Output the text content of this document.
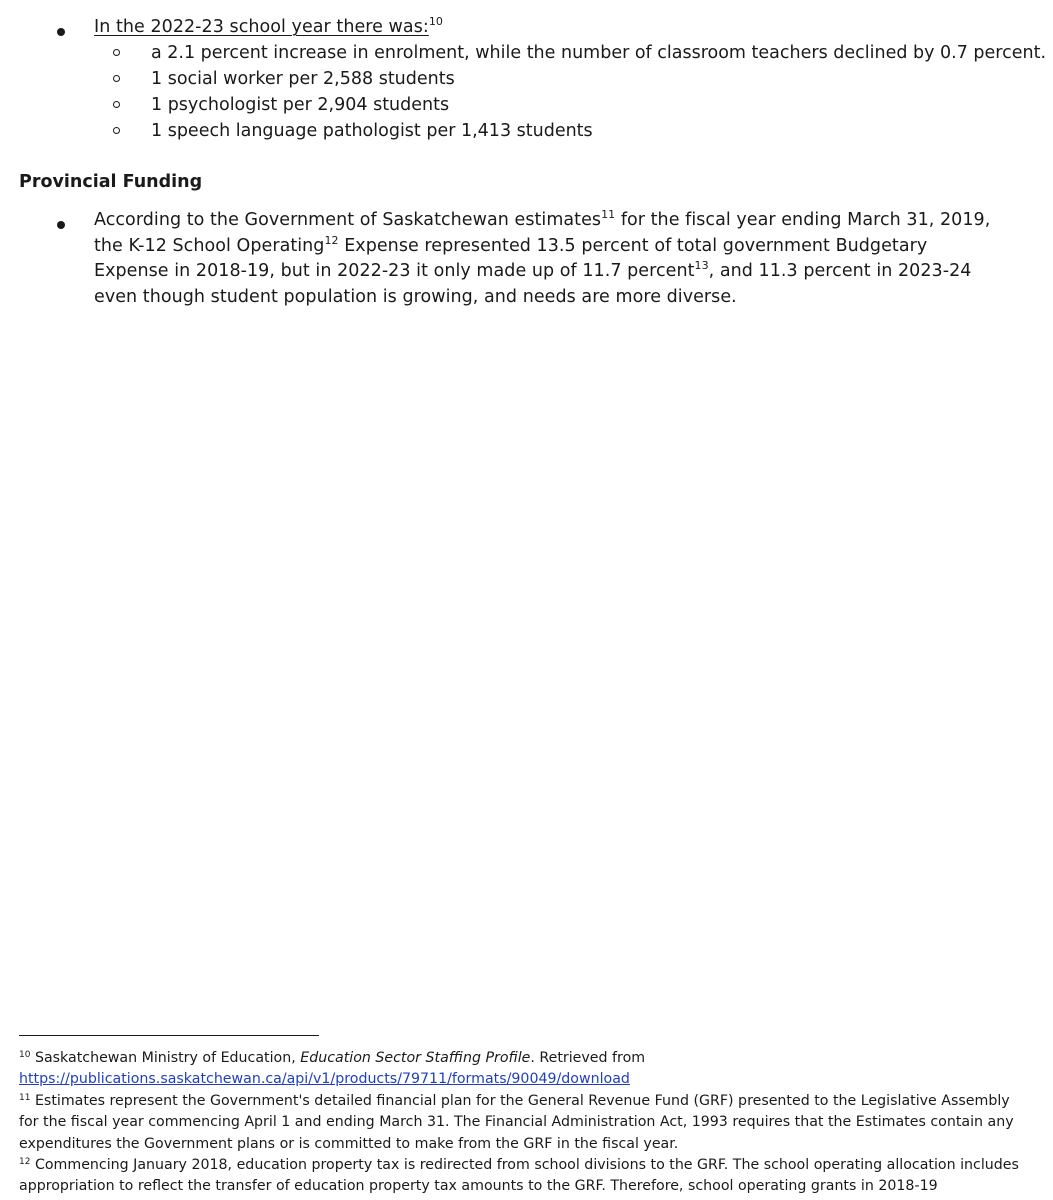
In the 2022-23 school year there was:$^{10}$
a 2.1 percent increase in enrolment, while the number of classroom teachers declined by 0.7 percent.
1 social worker per 2,588 students
1 psychologist per 2,904 students
1 speech language pathologist per 1,413 students
Provincial Funding
According to the Government of Saskatchewan estimates$^{11}$ for the fiscal year ending March 31, 2019, the K-12 School Operating$^{12}$ Expense represented 13.5 percent of total government Budgetary Expense in 2018-19, but in 2022-23 it only made up of 11.7 percent$^{13}$, and 11.3 percent in 2023-24 even though student population is growing, and needs are more diverse.
$^{10}$ Saskatchewan Ministry of Education, Education Sector Staffing Profile. Retrieved from
https://publications.saskatchewan.ca/api/v1/products/79711/formats/90049/download
$^{11}$ Estimates represent the Government's detailed financial plan for the General Revenue Fund (GRF) presented to the Legislative Assembly for the fiscal year commencing April 1 and ending March 31. The Financial Administration Act, 1993 requires that the Estimates contain any expenditures the Government plans or is committed to make from the GRF in the fiscal year.
$^{12}$ Commencing January 2018, education property tax is redirected from school divisions to the GRF. The school operating allocation includes appropriation to reflect the transfer of education property tax amounts to the GRF. Therefore, school operating grants in 2018-19
